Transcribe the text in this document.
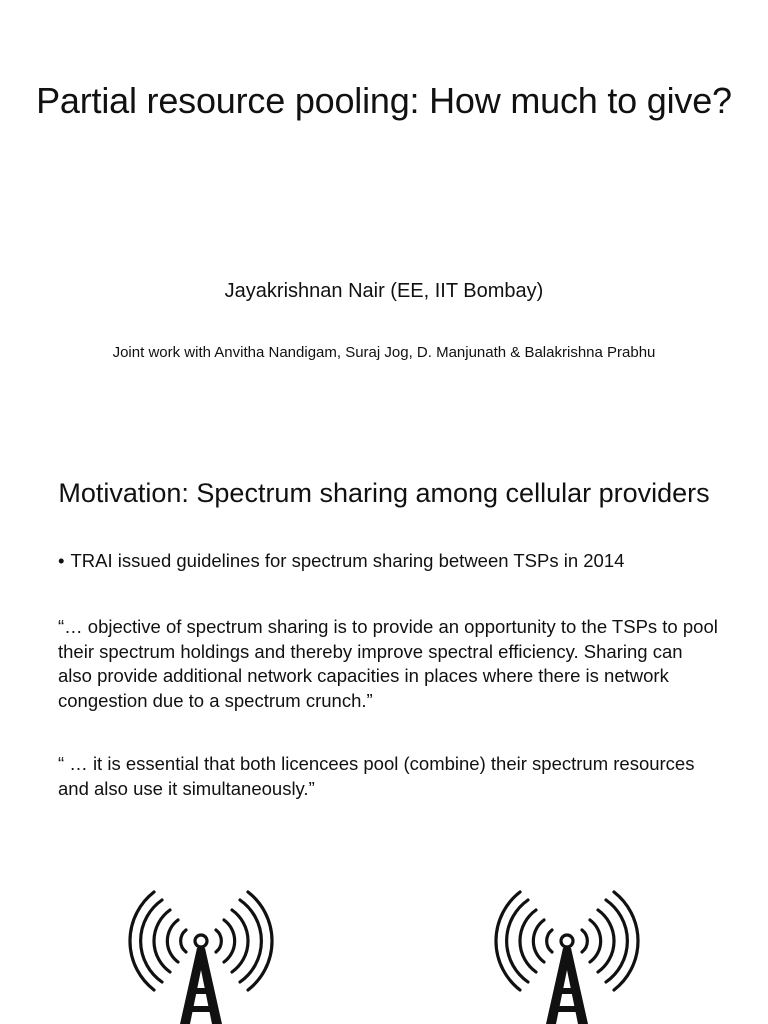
Partial resource pooling: How much to give?
Jayakrishnan Nair (EE, IIT Bombay)
Joint work with Anvitha Nandigam, Suraj Jog, D. Manjunath & Balakrishna Prabhu
Motivation: Spectrum sharing among cellular providers
• TRAI issued guidelines for spectrum sharing between TSPs in 2014
“… objective of spectrum sharing is to provide an opportunity to the TSPs to pool their spectrum holdings and thereby improve spectral efficiency. Sharing can also provide additional network capacities in places where there is network congestion due to a spectrum crunch.”
“ … it is essential that both licencees pool (combine) their spectrum resources and also use it simultaneously.”
